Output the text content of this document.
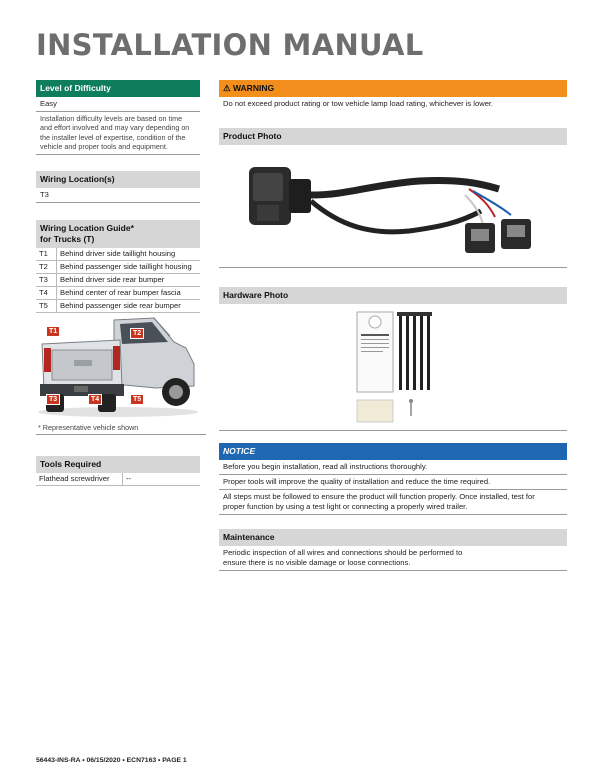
INSTALLATION MANUAL
Level of Difficulty
Easy
Installation difficulty levels are based on time and effort involved and may vary depending on the installer level of expertise, condition of the vehicle and proper tools and equipment.
Wiring Location(s)
T3
Wiring Location Guide*
for Trucks (T)
T1	Behind driver side taillight housing
T2	Behind passenger side taillight housing
T3	Behind driver side rear bumper
T4	Behind center of rear bumper fascia
T5	Behind passenger side rear bumper
T1	T2
T3	T4	T5
* Representative vehicle shown
Tools Required
Flathead screwdriver	--
⚠ WARNING
Do not exceed product rating or tow vehicle lamp load rating, whichever is lower.
Product Photo
Hardware Photo
NOTICE
Before you begin installation, read all instructions thoroughly.
Proper tools will improve the quality of installation and reduce the time required.
All steps must be followed to ensure the product will function properly. Once installed, test for proper function by using a test light or connecting a properly wired trailer.
Maintenance
Periodic inspection of all wires and connections should be performed to ensure there is no visible damage or loose connections.
56443-INS-RA • 06/15/2020 • ECN7163 • PAGE 1
